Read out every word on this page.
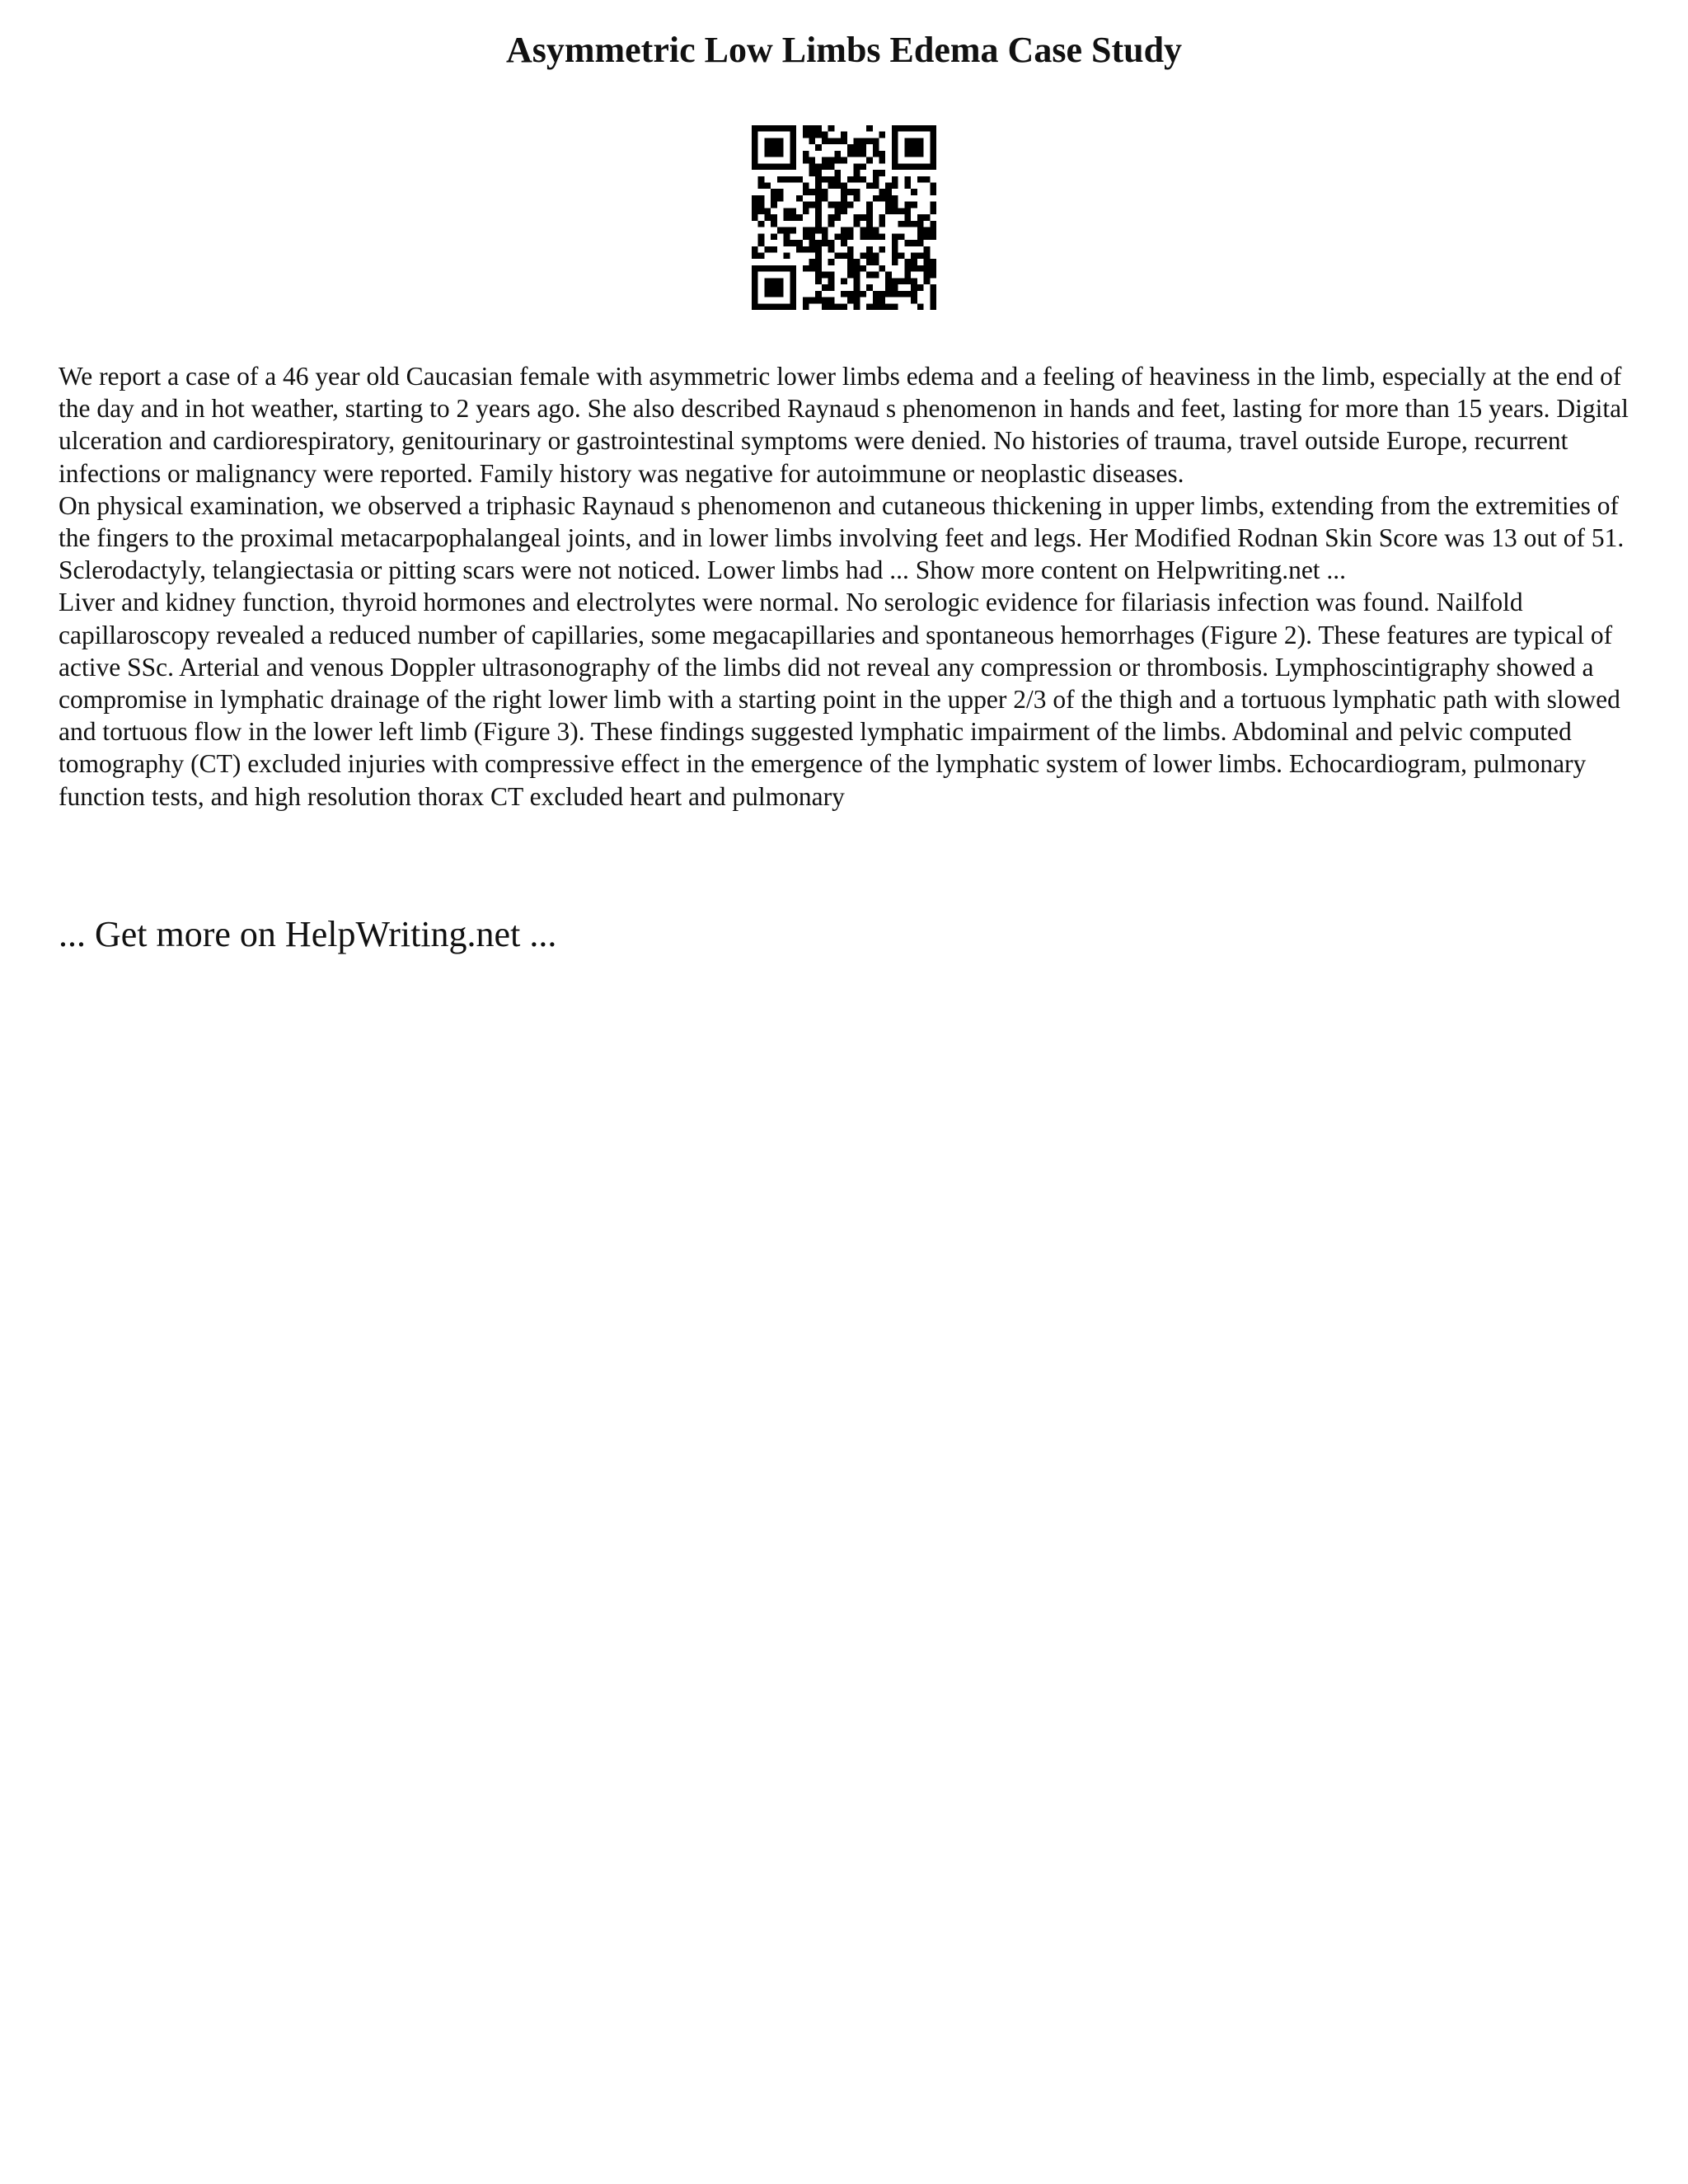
Asymmetric Low Limbs Edema Case Study

We report a case of a 46 year old Caucasian female with asymmetric lower limbs edema and a feeling of heaviness in the limb, especially at the end of the day and in hot weather, starting to 2 years ago. She also described Raynaud s phenomenon in hands and feet, lasting for more than 15 years. Digital ulceration and cardiorespiratory, genitourinary or gastrointestinal symptoms were denied. No histories of trauma, travel outside Europe, recurrent infections or malignancy were reported. Family history was negative for autoimmune or neoplastic diseases.

On physical examination, we observed a triphasic Raynaud s phenomenon and cutaneous thickening in upper limbs, extending from the extremities of the fingers to the proximal metacarpophalangeal joints, and in lower limbs involving feet and legs. Her Modified Rodnan Skin Score was 13 out of 51. Sclerodactyly, telangiectasia or pitting scars were not noticed. Lower limbs had ... Show more content on Helpwriting.net ...

Liver and kidney function, thyroid hormones and electrolytes were normal. No serologic evidence for filariasis infection was found. Nailfold capillaroscopy revealed a reduced number of capillaries, some megacapillaries and spontaneous hemorrhages (Figure 2). These features are typical of active SSc. Arterial and venous Doppler ultrasonography of the limbs did not reveal any compression or thrombosis. Lymphoscintigraphy showed a compromise in lymphatic drainage of the right lower limb with a starting point in the upper 2/3 of the thigh and a tortuous lymphatic path with slowed and tortuous flow in the lower left limb (Figure 3). These findings suggested lymphatic impairment of the limbs. Abdominal and pelvic computed tomography (CT) excluded injuries with compressive effect in the emergence of the lymphatic system of lower limbs. Echocardiogram, pulmonary function tests, and high resolution thorax CT excluded heart and pulmonary

... Get more on HelpWriting.net ...
